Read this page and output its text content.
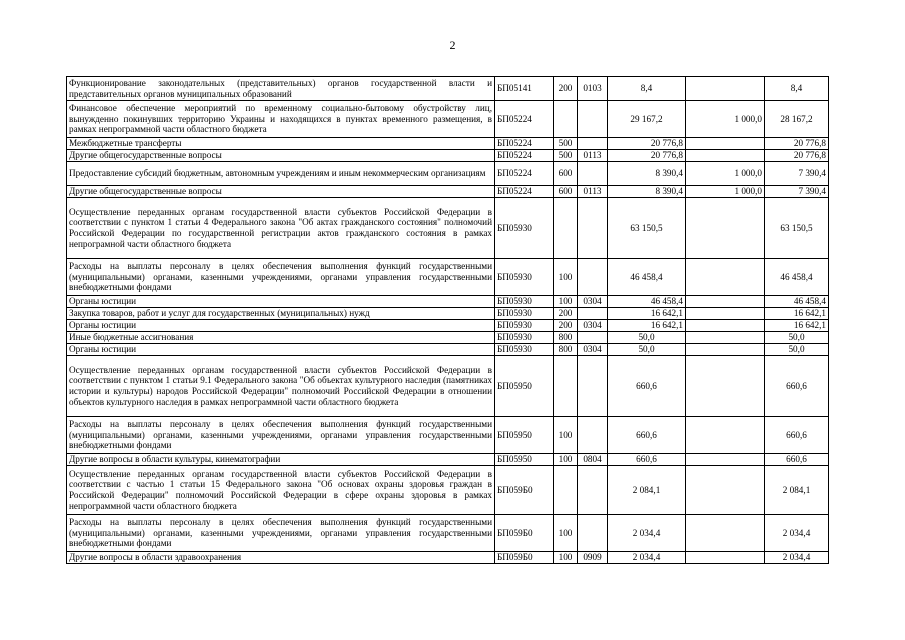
2
Функционирование законодательных (представительных) органов государственной власти и представительных органов муниципальных образований	БП05141	200	0103	8,4		8,4
Финансовое обеспечение мероприятий по временному социально-бытовому обустройству лиц, вынужденно покинувших территорию Украины и находящихся в пунктах временного размещения, в рамках непрограммной части областного бюджета	БП05224			29 167,2	1 000,0	28 167,2
Межбюджетные трансферты	БП05224	500		20 776,8		20 776,8
Другие общегосударственные вопросы	БП05224	500	0113	20 776,8		20 776,8
Предоставление субсидий бюджетным, автономным учреждениям и иным некоммерческим организациям	БП05224	600		8 390,4	1 000,0	7 390,4
Другие общегосударственные вопросы	БП05224	600	0113	8 390,4	1 000,0	7 390,4
Осуществление переданных органам государственной власти субъектов Российской Федерации в соответствии с пунктом 1 статьи 4 Федерального закона "Об актах гражданского состояния" полномочий Российской Федерации по государственной регистрации актов гражданского состояния в рамках непрограмной части областного бюджета	БП05930			63 150,5		63 150,5
Расходы на выплаты персоналу в целях обеспечения выполнения функций государственными (муниципальными) органами, казенными учреждениями, органами управления государственными внебюджетными фондами	БП05930	100		46 458,4		46 458,4
Органы юстиции	БП05930	100	0304	46 458,4		46 458,4
Закупка товаров, работ и услуг для государственных (муниципальных) нужд	БП05930	200		16 642,1		16 642,1
Органы юстиции	БП05930	200	0304	16 642,1		16 642,1
Иные бюджетные ассигнования	БП05930	800		50,0		50,0
Органы юстиции	БП05930	800	0304	50,0		50,0
Осуществление переданных органам государственной власти субъектов Российской Федерации в соответствии с пунктом 1 статьи 9.1 Федерального закона "Об объектах культурного наследия (памятниках истории и культуры) народов Российской Федерации" полномочий Российской Федерации в отношении объектов культурного наследия в рамках непрограммной части областного бюджета	БП05950			660,6		660,6
Расходы на выплаты персоналу в целях обеспечения выполнения функций государственными (муниципальными) органами, казенными учреждениями, органами управления государственными внебюджетными фондами	БП05950	100		660,6		660,6
Другие вопросы в области культуры, кинематографии	БП05950	100	0804	660,6		660,6
Осуществление переданных органам государственной власти субъектов Российской Федерации в соответствии с частью 1 статьи 15 Федерального закона "Об основах охраны здоровья граждан в Российской Федерации" полномочий Российской Федерации в сфере охраны здоровья в рамках непрограммной части областного бюджета	БП059Б0			2 084,1		2 084,1
Расходы на выплаты персоналу в целях обеспечения выполнения функций государственными (муниципальными) органами, казенными учреждениями, органами управления государственными внебюджетными фондами	БП059Б0	100		2 034,4		2 034,4
Другие вопросы в области здравоохранения	БП059Б0	100	0909	2 034,4		2 034,4
